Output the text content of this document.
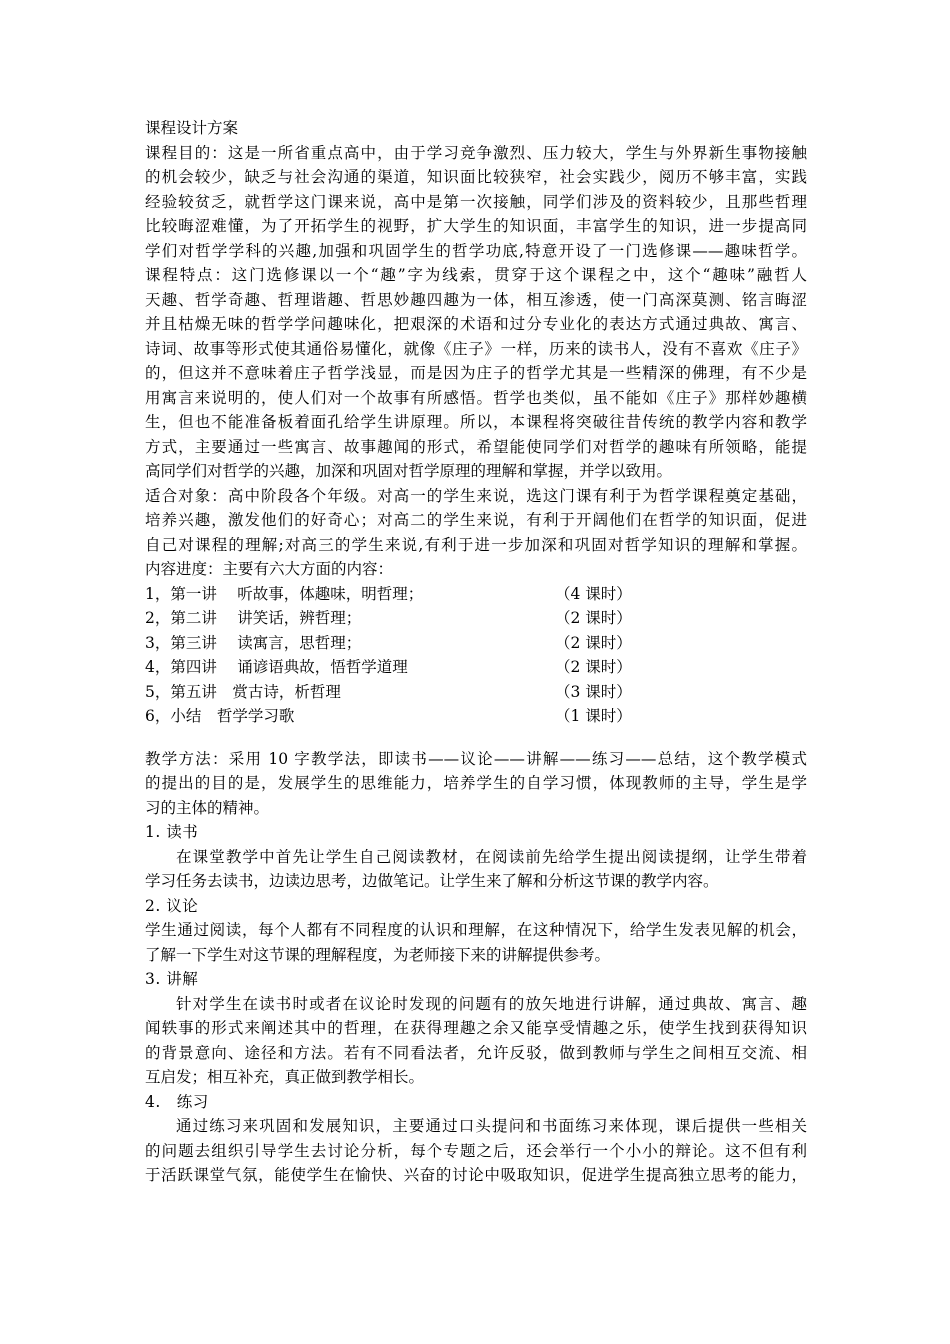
课程设计方案
课程目的：这是一所省重点高中，由于学习竞争激烈、压力较大，学生与外界新生事物接触
的机会较少，缺乏与社会沟通的渠道，知识面比较狭窄，社会实践少，阅历不够丰富，实践
经验较贫乏，就哲学这门课来说，高中是第一次接触，同学们涉及的资料较少，且那些哲理
比较晦涩难懂，为了开拓学生的视野，扩大学生的知识面，丰富学生的知识，进一步提高同
学们对哲学学科的兴趣,加强和巩固学生的哲学功底,特意开设了一门选修课——趣味哲学。
课程特点：这门选修课以一个“趣”字为线索，贯穿于这个课程之中，这个“趣味”融哲人
天趣、哲学奇趣、哲理谐趣、哲思妙趣四趣为一体，相互渗透，使一门高深莫测、铭言晦涩
并且枯燥无味的哲学学问趣味化，把艰深的术语和过分专业化的表达方式通过典故、寓言、
诗词、故事等形式使其通俗易懂化，就像《庄子》一样，历来的读书人，没有不喜欢《庄子》
的，但这并不意味着庄子哲学浅显，而是因为庄子的哲学尤其是一些精深的佛理，有不少是
用寓言来说明的，使人们对一个故事有所感悟。哲学也类似，虽不能如《庄子》那样妙趣横
生，但也不能准备板着面孔给学生讲原理。所以，本课程将突破往昔传统的教学内容和教学
方式，主要通过一些寓言、故事趣闻的形式，希望能使同学们对哲学的趣味有所领略，能提
高同学们对哲学的兴趣，加深和巩固对哲学原理的理解和掌握，并学以致用。
适合对象：高中阶段各个年级。对高一的学生来说，选这门课有利于为哲学课程奠定基础，
培养兴趣，激发他们的好奇心；对高二的学生来说，有利于开阔他们在哲学的知识面，促进
自己对课程的理解;对高三的学生来说,有利于进一步加深和巩固对哲学知识的理解和掌握。
内容进度：主要有六大方面的内容：
1，第一讲　 听故事，体趣味，明哲理；	（4 课时）
2，第二讲　 讲笑话，辨哲理；	（2 课时）
3，第三讲　 读寓言，思哲理；	（2 课时）
4，第四讲　 诵谚语典故，悟哲学道理	（2 课时）
5，第五讲　赏古诗，析哲理	（3 课时）
6，小结　哲学学习歌	（1 课时）
教学方法：采用 10 字教学法，即读书——议论——讲解——练习——总结，这个教学模式
的提出的目的是，发展学生的思维能力，培养学生的自学习惯，体现教师的主导，学生是学
习的主体的精神。
1. 读书
在课堂教学中首先让学生自己阅读教材，在阅读前先给学生提出阅读提纲，让学生带着
学习任务去读书，边读边思考，边做笔记。让学生来了解和分析这节课的教学内容。
2. 议论
学生通过阅读，每个人都有不同程度的认识和理解，在这种情况下，给学生发表见解的机会，
了解一下学生对这节课的理解程度，为老师接下来的讲解提供参考。
3. 讲解
针对学生在读书时或者在议论时发现的问题有的放矢地进行讲解，通过典故、寓言、趣
闻轶事的形式来阐述其中的哲理，在获得理趣之余又能享受情趣之乐，使学生找到获得知识
的背景意向、途径和方法。若有不同看法者，允许反驳，做到教师与学生之间相互交流、相
互启发；相互补充，真正做到教学相长。
4.　练习
通过练习来巩固和发展知识，主要通过口头提问和书面练习来体现，课后提供一些相关
的问题去组织引导学生去讨论分析，每个专题之后，还会举行一个小小的辩论。这不但有利
于活跃课堂气氛，能使学生在愉快、兴奋的讨论中吸取知识，促进学生提高独立思考的能力，
